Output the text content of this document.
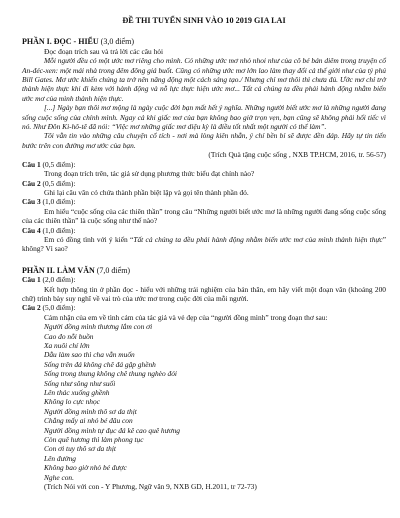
ĐỀ THI TUYỂN SINH VÀO 10 2019 GIA LAI
PHẦN I. ĐỌC - HIỂU (3,0 điểm)
Đọc đoạn trích sau và trả lời các câu hỏi
Mỗi người đều có một ước mơ riêng cho mình. Có những ước mơ nhỏ nhoi như của cô bé bán diêm trong truyện cổ An-đéc-xen: một mái nhà trong đêm đông giá buốt. Cũng có những ước mơ lớn lao làm thay đổi cả thế giới như của tỷ phú Bill Gates. Mơ ước khiến chúng ta trở nên năng động một cách sáng tạo./ Nhưng chỉ mơ thôi thì chưa đủ. Ước mơ chỉ trở thành hiện thực khi đi kèm với hành động và nỗ lực thực hiện ước mơ... Tất cả chúng ta đều phải hành động nhằm biến ước mơ của mình thành hiện thực.
[...] Ngày bạn thôi mơ mộng là ngày cuộc đời bạn mất hết ý nghĩa. Những người biết ước mơ là những người đang sống cuộc sống của chính mình. Ngay cả khi giấc mơ của bạn không bao giờ trọn vẹn, bạn cũng sẽ không phải hối tiếc vì nó. Như Đôn Ki-hô-tê đã nói: “Việc mơ những giấc mơ diệu kỳ là điều tốt nhất một người có thể làm”.
Tôi vẫn tin vào những câu chuyện cổ tích - nơi mà lòng kiên nhẫn, ý chí bền bỉ sẽ được đền đáp. Hãy tự tin tiến bước trên con đường mơ ước của bạn.
(Trích Quà tặng cuộc sống , NXB TP.HCM, 2016, tr. 56-57)
Câu 1 (0,5 điểm):
Trong đoạn trích trên, tác giả sử dụng phương thức biểu đạt chính nào?
Câu 2 (0,5 điểm):
Ghi lại câu văn có chứa thành phần biệt lập và gọi tên thành phần đó.
Câu 3 (1,0 điểm):
Em hiểu “cuộc sống của các thiên thần” trong câu “Những người biết ước mơ là những người đang sống cuộc sống của các thiên thần” là cuộc sống như thế nào?
Câu 4 (1,0 điểm):
Em có đồng tình với ý kiến “Tất cả chúng ta đều phải hành động nhằm biến ước mơ của mình thành hiện thực” không? Vì sao?
PHẦN II. LÀM VĂN (7,0 điểm)
Câu 1 (2,0 điểm):
Kết hợp thông tin ở phần đọc - hiểu với những trải nghiệm của bản thân, em hãy viết một đoạn văn (khoảng 200 chữ) trình bày suy nghĩ về vai trò của ước mơ trong cuộc đời của mỗi người.
Câu 2 (5,0 điểm):
Cảm nhận của em về tình cảm của tác giả và vẻ đẹp của “người đồng mình” trong đoạn thơ sau:
Người đồng mình thương lắm con ơi
Cao đo nỗi buồn
Xa nuôi chí lớn
Dẫu làm sao thì cha vẫn muốn
Sống trên đá không chê đá gập ghềnh
Sống trong thung không chê thung nghèo đói
Sống như sông như suối
Lên thác xuống ghềnh
Không lo cực nhọc
Người đồng mình thô sơ da thịt
Chẳng mấy ai nhỏ bé đâu con
Người đồng mình tự đục đá kê cao quê hương
Còn quê hương thì làm phong tục
Con ơi tuy thô sơ da thịt
Lên đường
Không bao giờ nhỏ bé được
Nghe con.
(Trích Nói với con - Y Phương, Ngữ văn 9, NXB GD, H.2011, tr 72-73)
